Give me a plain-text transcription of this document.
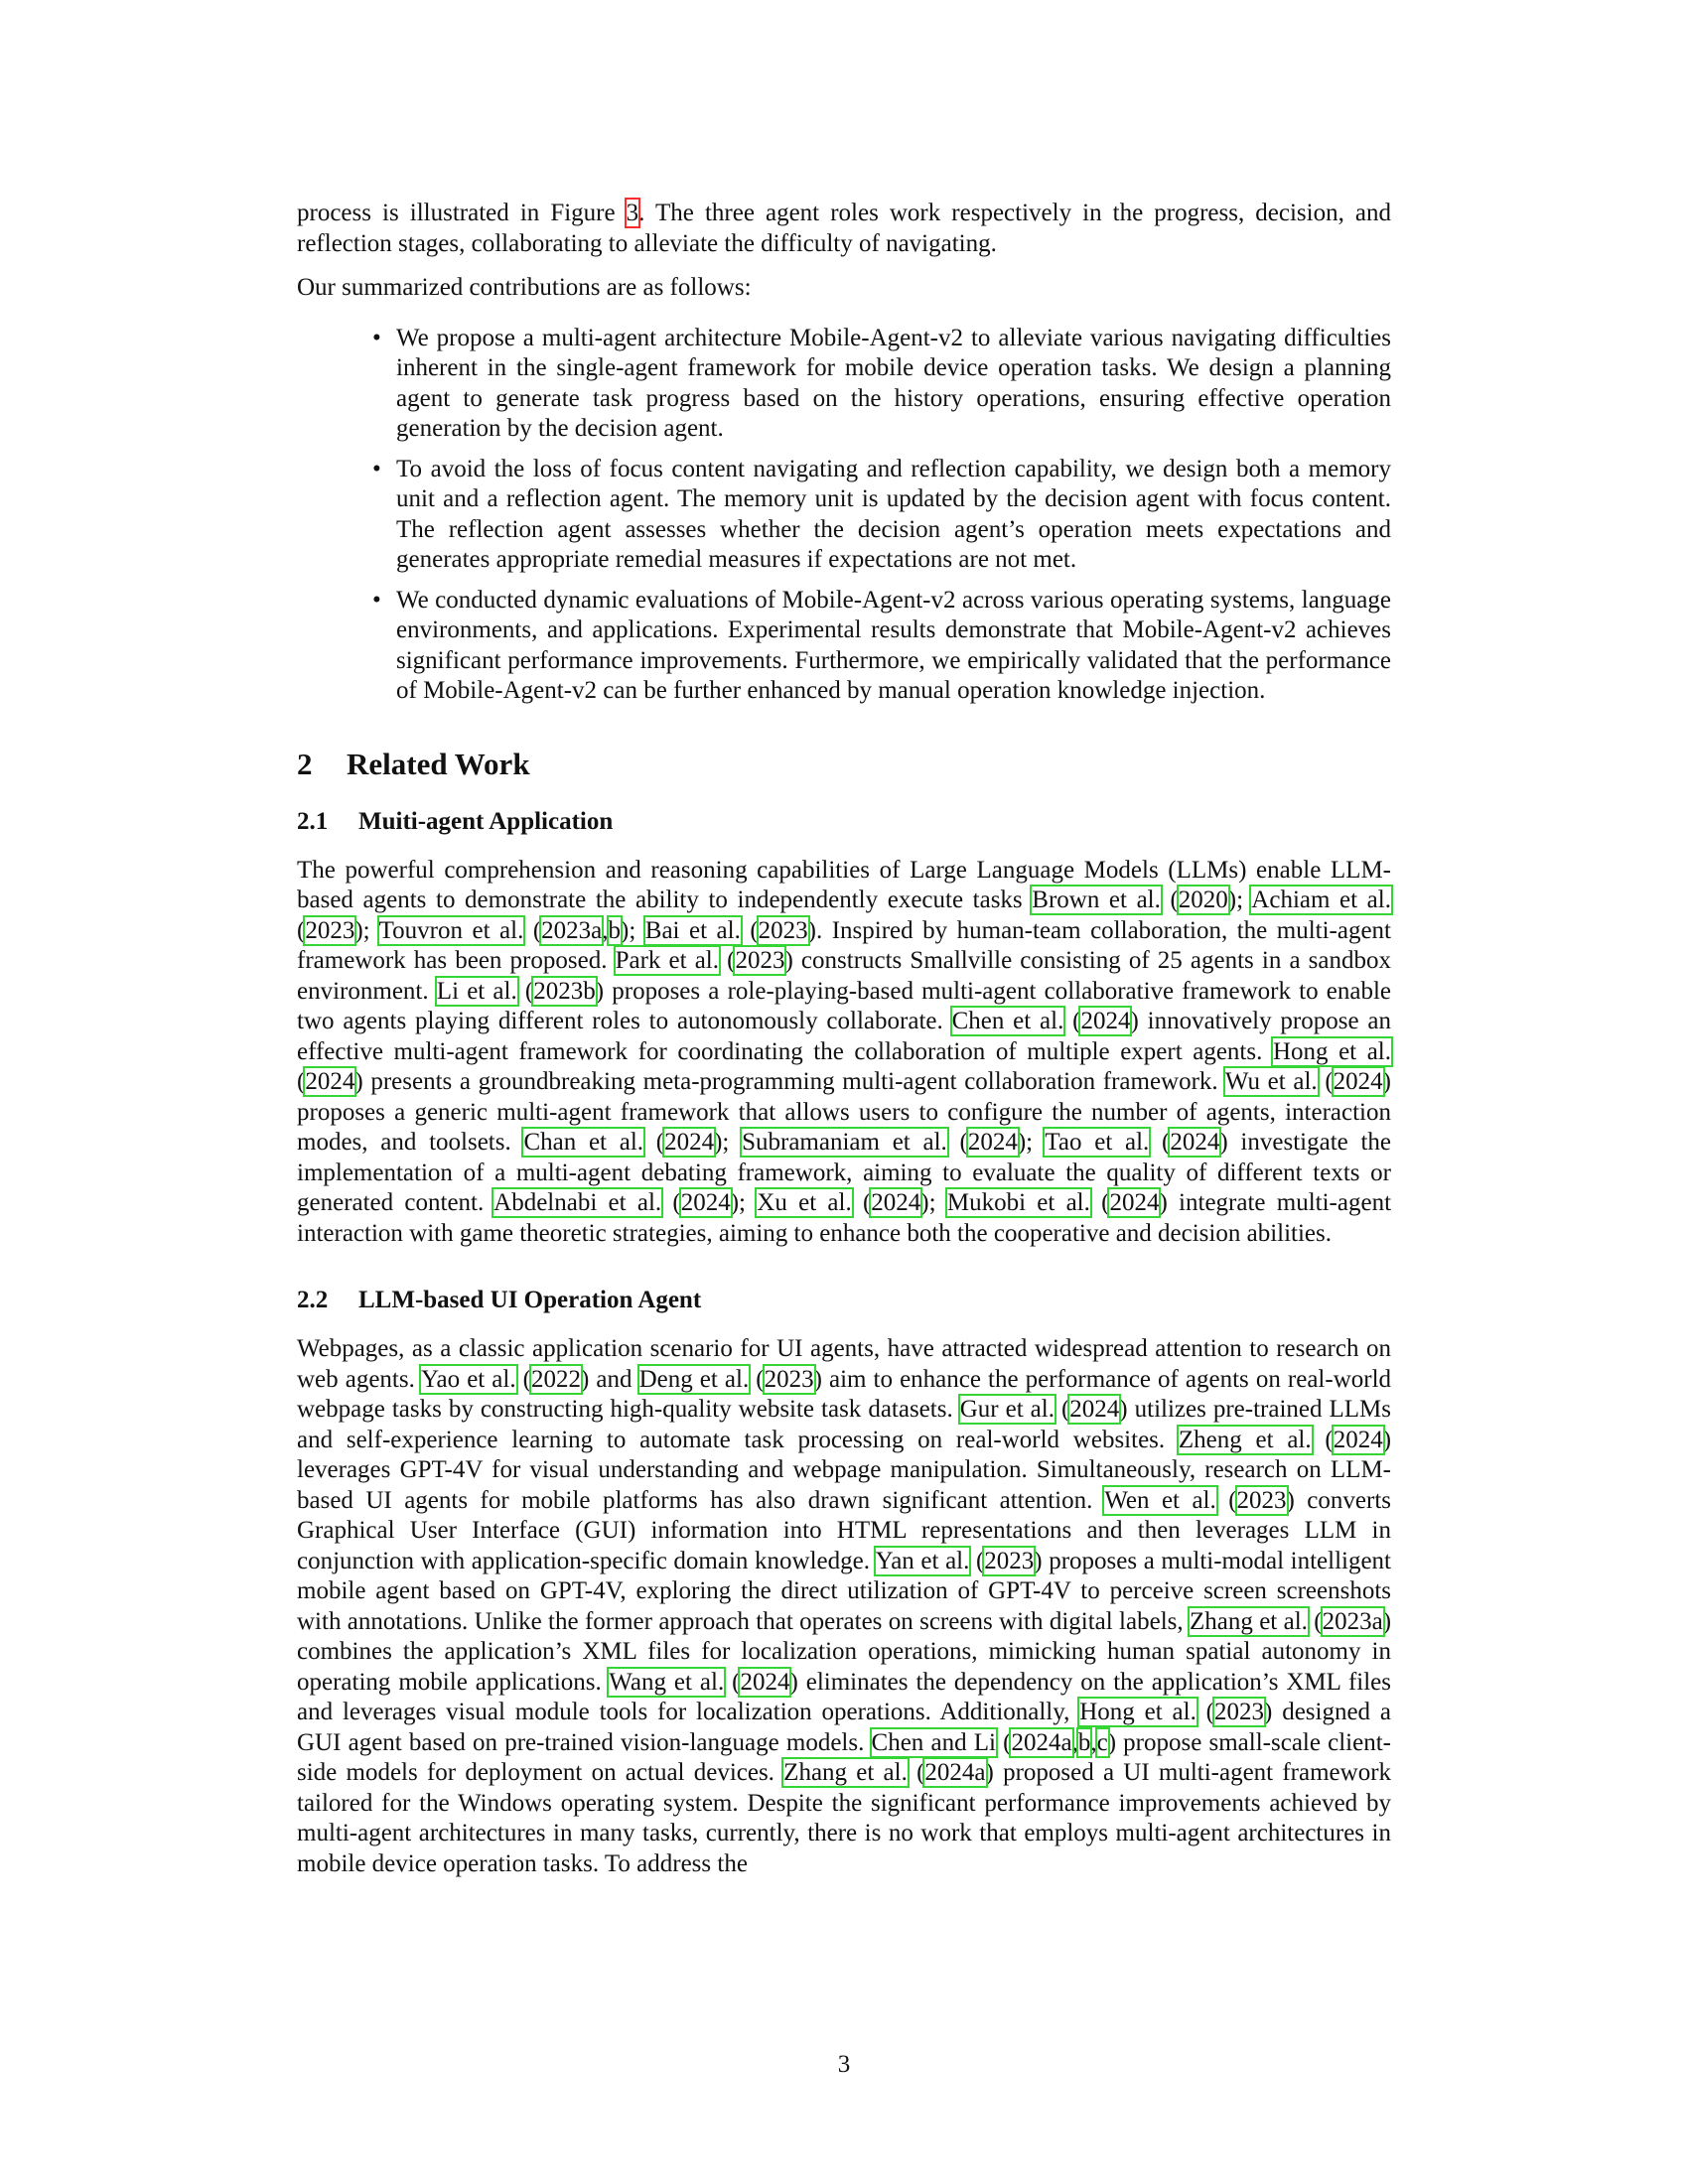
process is illustrated in Figure 3. The three agent roles work respectively in the progress, decision, and reflection stages, collaborating to alleviate the difficulty of navigating.

Our summarized contributions are as follows:

• We propose a multi-agent architecture Mobile-Agent-v2 to alleviate various navigating difficulties inherent in the single-agent framework for mobile device operation tasks. We design a planning agent to generate task progress based on the history operations, ensuring effective operation generation by the decision agent.
• To avoid the loss of focus content navigating and reflection capability, we design both a memory unit and a reflection agent. The memory unit is updated by the decision agent with focus content. The reflection agent assesses whether the decision agent’s operation meets expectations and generates appropriate remedial measures if expectations are not met.
• We conducted dynamic evaluations of Mobile-Agent-v2 across various operating systems, language environments, and applications. Experimental results demonstrate that Mobile-Agent-v2 achieves significant performance improvements. Furthermore, we empirically validated that the performance of Mobile-Agent-v2 can be further enhanced by manual operation knowledge injection.
2 Related Work
2.1 Muiti-agent Application

The powerful comprehension and reasoning capabilities of Large Language Models (LLMs) enable LLM-based agents to demonstrate the ability to independently execute tasks Brown et al. (2020); Achiam et al. (2023); Touvron et al. (2023a,b); Bai et al. (2023). Inspired by human-team collaboration, the multi-agent framework has been proposed. Park et al. (2023) constructs Smallville consisting of 25 agents in a sandbox environment. Li et al. (2023b) proposes a role-playing-based multi-agent collaborative framework to enable two agents playing different roles to autonomously collaborate. Chen et al. (2024) innovatively propose an effective multi-agent framework for coordinating the collaboration of multiple expert agents. Hong et al. (2024) presents a groundbreaking meta-programming multi-agent collaboration framework. Wu et al. (2024) proposes a generic multi-agent framework that allows users to configure the number of agents, interaction modes, and toolsets. Chan et al. (2024); Subramaniam et al. (2024); Tao et al. (2024) investigate the implementation of a multi-agent debating framework, aiming to evaluate the quality of different texts or generated content. Abdelnabi et al. (2024); Xu et al. (2024); Mukobi et al. (2024) integrate multi-agent interaction with game theoretic strategies, aiming to enhance both the cooperative and decision abilities.

2.2 LLM-based UI Operation Agent

Webpages, as a classic application scenario for UI agents, have attracted widespread attention to research on web agents. Yao et al. (2022) and Deng et al. (2023) aim to enhance the performance of agents on real-world webpage tasks by constructing high-quality website task datasets. Gur et al. (2024) utilizes pre-trained LLMs and self-experience learning to automate task processing on real-world websites. Zheng et al. (2024) leverages GPT-4V for visual understanding and webpage manipulation. Simultaneously, research on LLM-based UI agents for mobile platforms has also drawn significant attention. Wen et al. (2023) converts Graphical User Interface (GUI) information into HTML representations and then leverages LLM in conjunction with application-specific domain knowledge. Yan et al. (2023) proposes a multi-modal intelligent mobile agent based on GPT-4V, exploring the direct utilization of GPT-4V to perceive screen screenshots with annotations. Unlike the former approach that operates on screens with digital labels, Zhang et al. (2023a) combines the application’s XML files for localization operations, mimicking human spatial autonomy in operating mobile applications. Wang et al. (2024) eliminates the dependency on the application’s XML files and leverages visual module tools for localization operations. Additionally, Hong et al. (2023) designed a GUI agent based on pre-trained vision-language models. Chen and Li (2024a,b,c) propose small-scale client-side models for deployment on actual devices. Zhang et al. (2024a) proposed a UI multi-agent framework tailored for the Windows operating system. Despite the significant performance improvements achieved by multi-agent architectures in many tasks, currently, there is no work that employs multi-agent architectures in mobile device operation tasks. To address the

3
